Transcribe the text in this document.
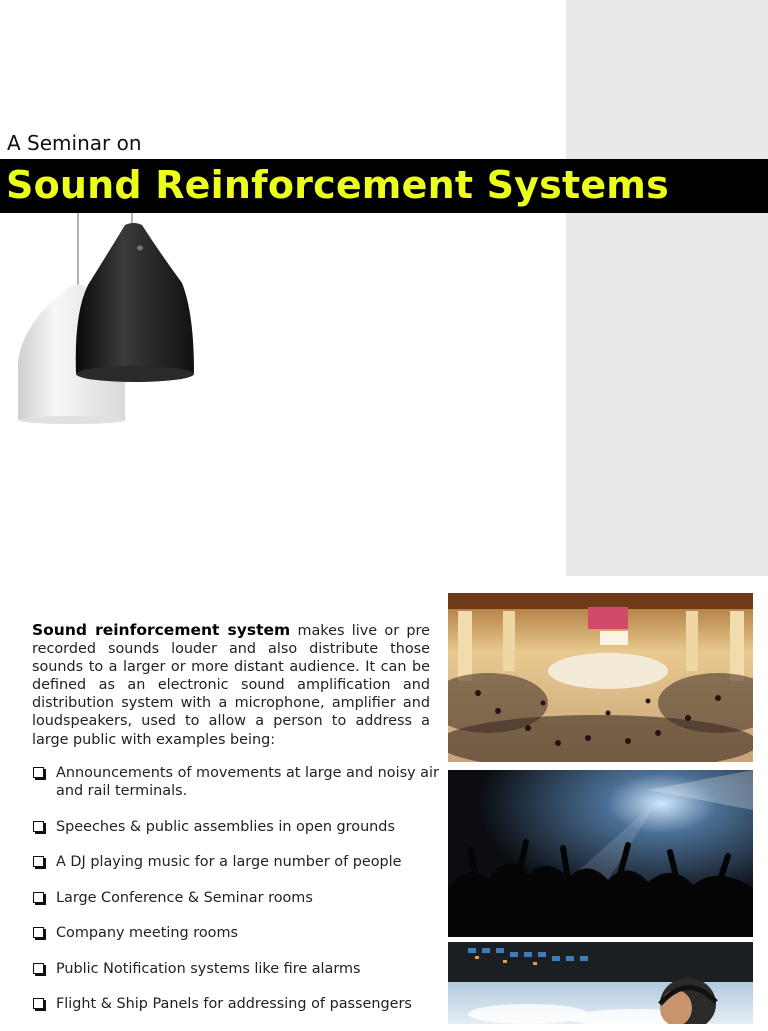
A Seminar on
Sound Reinforcement Systems
Sound reinforcement system makes live or pre recorded sounds louder and also distribute those sounds to a larger or more distant audience. It can be defined as an electronic sound amplification and distribution system with a microphone, amplifier and loudspeakers, used to allow a person to address a large public with examples being:
Announcements of movements at large and noisy air and rail terminals.
Speeches & public assemblies in open grounds
A DJ playing music for a large number of people
Large Conference & Seminar rooms
Company meeting rooms
Public Notification systems like fire alarms
Flight & Ship Panels for addressing of passengers
